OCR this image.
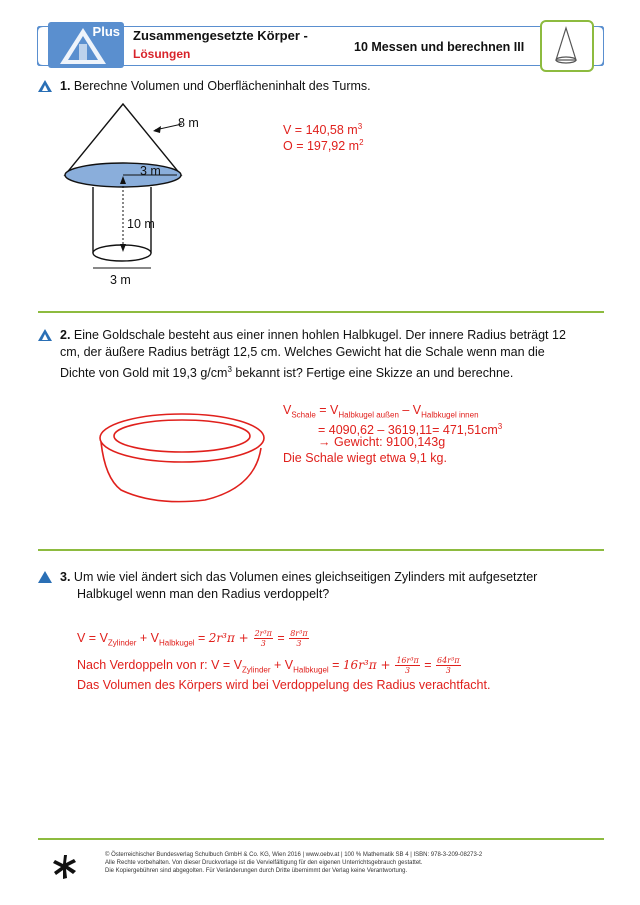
Plus Zusammengesetzte Körper -
Lösungen	10 Messen und berechnen III
1. Berechne Volumen und Oberflächeninhalt des Turms.
8 m
3 m
10 m
3 m
V = 140,58 $m^3$
O = 197,92 $m^2$
2. Eine Goldschale besteht aus einer innen hohlen Halbkugel. Der innere Radius beträgt 12
cm, der äußere Radius beträgt 12,5 cm. Welches Gewicht hat die Schale wenn man die
Dichte von Gold mit 19,3 $g/cm^3$ bekannt ist? Fertige eine Skizze an und berechne.
$V_{Schale} = V_{Halbkugel außen} - V_{Halbkugel innen}$
= $4090,62 - 3619,11= 471,51cm^3$
→ Gewicht: 9100,143g
Die Schale wiegt etwa 9,1 kg.
3. Um wie viel ändert sich das Volumen eines gleichseitigen Zylinders mit aufgesetzter
Halbkugel wenn man den Radius verdoppelt?
$V = V_{Zylinder} + V_{Halbkugel} = 2r^3\pi + \frac{\text{2r³π}}{3} = \frac{\text{8r³π}}{3}$
Nach Verdoppeln von r: $V = V_{Zylinder} + V_{Halbkugel} = 16r^3\pi + \frac{\text{16r³π}}{3} = \frac{\text{64r³π}}{3}$
Das Volumen des Körpers wird bei Verdoppelung des Radius verachtfacht.
© Österreichischer Bundesverlag Schulbuch GmbH & Co. KG, Wien 2016 | www.oebv.at | 100 % Mathematik SB 4 | ISBN: 978-3-209-08273-2
Alle Rechte vorbehalten. Von dieser Druckvorlage ist die Vervielfältigung für den eigenen Unterrichtsgebrauch gestattet.
Die Kopiergebühren sind abgegolten. Für Veränderungen durch Dritte übernimmt der Verlag keine Verantwortung.
